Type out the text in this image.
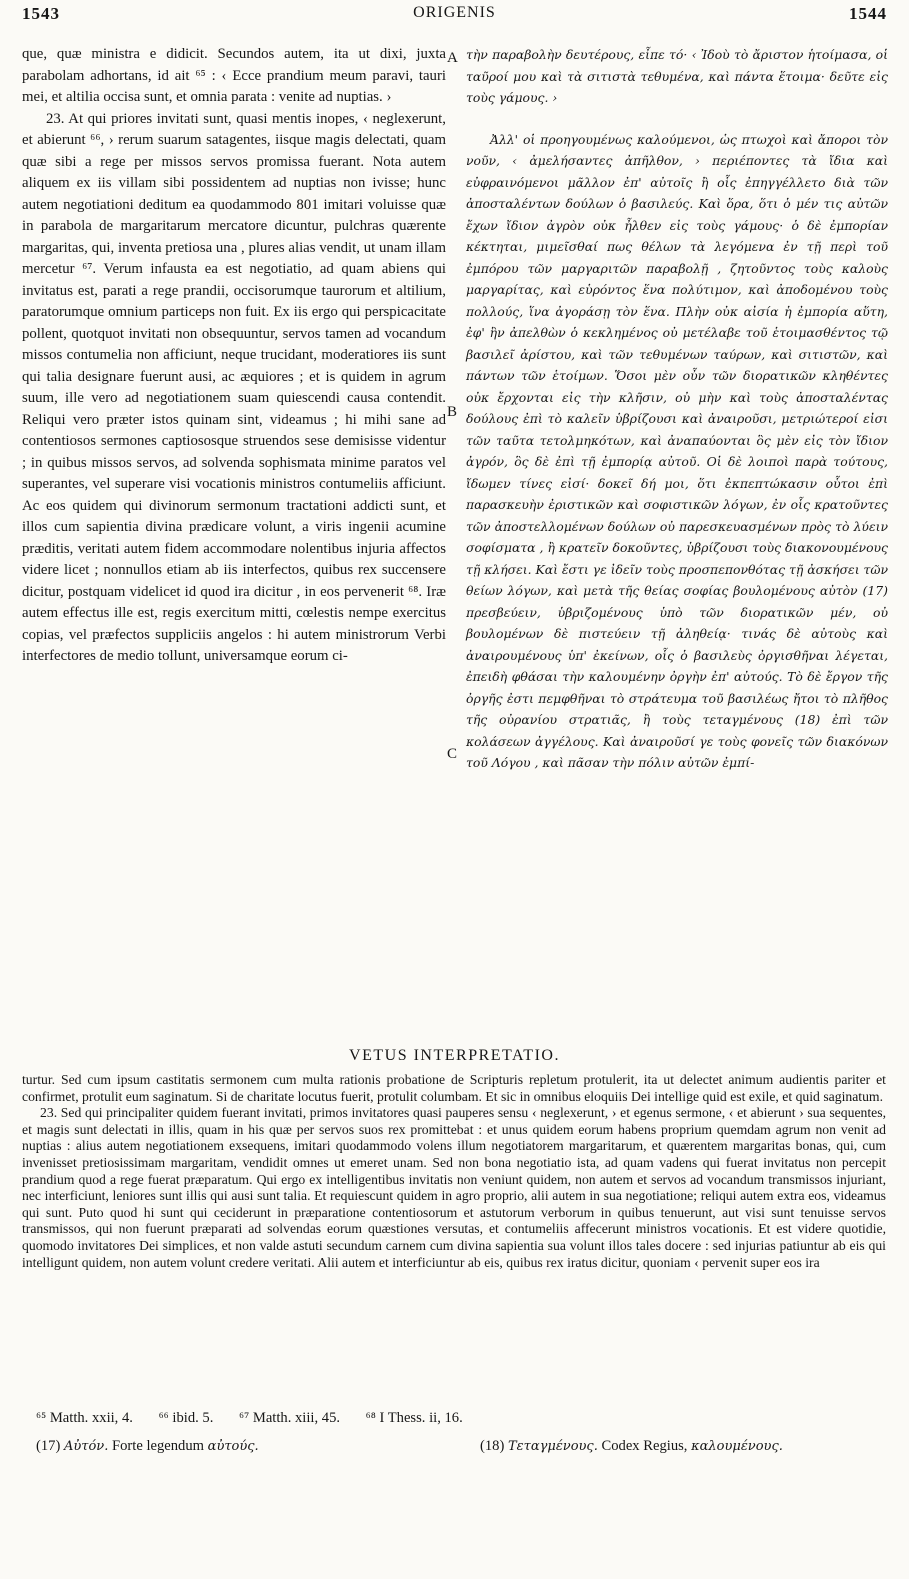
1543	ORIGENIS	1544

que, quæ ministra e didicit. Secundos autem, ita ut dixi, juxta parabolam adhortans, id ait ⁶⁵ : ‹ Ecce prandium meum paravi, tauri mei, et altilia occisa sunt, et omnia parata : venite ad nuptias. ›

23. At qui priores invitati sunt, quasi mentis inopes, ‹ neglexerunt, et abierunt ⁶⁶, › rerum suarum satagentes, iisque magis delectati, quam quæ sibi a rege per missos servos promissa fuerant. Nota autem aliquem ex iis villam sibi possidentem ad nuptias non ivisse; hunc autem negotiationi deditum ea quodammodo 801 imitari voluisse quæ in parabola de margaritarum mercatore dicuntur, pulchras quærente margaritas, qui, inventa pretiosa una , plures alias vendit, ut unam illam mercetur ⁶⁷. Verum infausta ea est negotiatio, ad quam abiens qui invitatus est, parati a rege prandii, occisorumque taurorum et altilium, paratorumque omnium particeps non fuit. Ex iis ergo qui perspicacitate pollent, quotquot invitati non obsequuntur, servos tamen ad vocandum missos contumelia non afficiunt, neque trucidant, moderatiores iis sunt qui talia designare fuerunt ausi, ac æquiores ; et is quidem in agrum suum, ille vero ad negotiationem suam quiescendi causa contendit. Reliqui vero præter istos quinam sint, videamus ; hi mihi sane ad contentiosos sermones captiososque struendos sese demisisse videntur ; in quibus missos servos, ad solvenda sophismata minime paratos vel superantes, vel superare visi vocationis ministros contumeliis afficiunt. Ac eos quidem qui divinorum sermonum tractationi addicti sunt, et illos cum sapientia divina prædicare volunt, a viris ingenii acumine præditis, veritati autem fidem accommodare nolentibus injuria affectos videre licet ; nonnullos etiam ab iis interfectos, quibus rex succensere dicitur, postquam videlicet id quod ira dicitur , in eos pervenerit ⁶⁸. Iræ autem effectus ille est, regis exercitum mitti, cœlestis nempe exercitus copias, vel præfectos suppliciis angelos : hi autem ministrorum Verbi interfectores de medio tollunt, universamque eorum ci-

A
B
C

τὴν παραβολὴν δευτέρους, εἶπε τό· ‹ Ἰδοὺ τὸ ἄριστον ἡτοίμασα, οἱ ταῦροί μου καὶ τὰ σιτιστὰ τεθυμένα, καὶ πάντα ἕτοιμα· δεῦτε εἰς τοὺς γάμους. ›

Ἀλλ' οἱ προηγουμένως καλούμενοι, ὡς πτωχοὶ καὶ ἄποροι τὸν νοῦν, ‹ ἀμελήσαντες ἀπῆλθον, › περιέποντες τὰ ἴδια καὶ εὐφραινόμενοι μᾶλλον ἐπ' αὐτοῖς ἢ οἷς ἐπηγγέλλετο διὰ τῶν ἀποσταλέντων δούλων ὁ βασιλεύς. Καὶ ὅρα, ὅτι ὁ μέν τις αὐτῶν ἔχων ἴδιον ἀγρὸν οὐκ ἦλθεν εἰς τοὺς γάμους· ὁ δὲ ἐμπορίαν κέκτηται, μιμεῖσθαί πως θέλων τὰ λεγόμενα ἐν τῇ περὶ τοῦ ἐμπόρου τῶν μαργαριτῶν παραβολῇ , ζητοῦντος τοὺς καλοὺς μαργαρίτας, καὶ εὑρόντος ἕνα πολύτιμον, καὶ ἀποδομένου τοὺς πολλούς, ἵνα ἀγοράσῃ τὸν ἕνα. Πλὴν οὐκ αἰσία ἡ ἐμπορία αὕτη, ἐφ' ἣν ἀπελθὼν ὁ κεκλημένος οὐ μετέλαβε τοῦ ἑτοιμασθέντος τῷ βασιλεῖ ἀρίστου, καὶ τῶν τεθυμένων ταύρων, καὶ σιτιστῶν, καὶ πάντων τῶν ἑτοίμων. Ὅσοι μὲν οὖν τῶν διορατικῶν κληθέντες οὐκ ἔρχονται εἰς τὴν κλῆσιν, οὐ μὴν καὶ τοὺς ἀποσταλέντας δούλους ἐπὶ τὸ καλεῖν ὑβρίζουσι καὶ ἀναιροῦσι, μετριώτεροί εἰσι τῶν ταῦτα τετολμηκότων, καὶ ἀναπαύονται ὃς μὲν εἰς τὸν ἴδιον ἀγρόν, ὃς δὲ ἐπὶ τῇ ἐμπορίᾳ αὐτοῦ. Οἱ δὲ λοιποὶ παρὰ τούτους, ἴδωμεν τίνες εἰσί· δοκεῖ δή μοι, ὅτι ἐκπεπτώκασιν οὗτοι ἐπὶ παρασκευὴν ἐριστικῶν καὶ σοφιστικῶν λόγων, ἐν οἷς κρατοῦντες τῶν ἀποστελλομένων δούλων οὐ παρεσκευασμένων πρὸς τὸ λύειν σοφίσματα , ἢ κρατεῖν δοκοῦντες, ὑβρίζουσι τοὺς διακονουμένους τῇ κλήσει. Καὶ ἔστι γε ἰδεῖν τοὺς προσπεπονθότας τῇ ἀσκήσει τῶν θείων λόγων, καὶ μετὰ τῆς θείας σοφίας βουλομένους αὐτὸν (17) πρεσβεύειν, ὑβριζομένους ὑπὸ τῶν διορατικῶν μέν, οὐ βουλομένων δὲ πιστεύειν τῇ ἀληθείᾳ· τινάς δὲ αὐτοὺς καὶ ἀναιρουμένους ὑπ' ἐκείνων, οἷς ὁ βασιλεὺς ὀργισθῆναι λέγεται, ἐπειδὴ φθάσαι τὴν καλουμένην ὀργὴν ἐπ' αὐτούς. Τὸ δὲ ἔργον τῆς ὀργῆς ἐστι πεμφθῆναι τὸ στράτευμα τοῦ βασιλέως ἤτοι τὸ πλῆθος τῆς οὐρανίου στρατιᾶς, ἢ τοὺς τεταγμένους (18) ἐπὶ τῶν κολάσεων ἀγγέλους. Καὶ ἀναιροῦσί γε τοὺς φονεῖς τῶν διακόνων τοῦ Λόγου , καὶ πᾶσαν τὴν πόλιν αὐτῶν ἐμπί-

VETUS INTERPRETATIO.

turtur. Sed cum ipsum castitatis sermonem cum multa rationis probatione de Scripturis repletum protulerit, ita ut delectet animum audientis pariter et confirmet, protulit eum saginatum. Si de charitate locutus fuerit, protulit columbam. Et sic in omnibus eloquiis Dei intellige quid est exile, et quid saginatum.

23. Sed qui principaliter quidem fuerant invitati, primos invitatores quasi pauperes sensu ‹ neglexerunt, › et egenus sermone, ‹ et abierunt › sua sequentes, et magis sunt delectati in illis, quam in his quæ per servos suos rex promittebat : et unus quidem eorum habens proprium quemdam agrum non venit ad nuptias : alius autem negotiationem exsequens, imitari quodammodo volens illum negotiatorem margaritarum, et quærentem margaritas bonas, qui, cum invenisset pretiosissimam margaritam, vendidit omnes ut emeret unam. Sed non bona negotiatio ista, ad quam vadens qui fuerat invitatus non percepit prandium quod a rege fuerat præparatum. Qui ergo ex intelligentibus invitatis non veniunt quidem, non autem et servos ad vocandum transmissos injuriant, nec interficiunt, leniores sunt illis qui ausi sunt talia. Et requiescunt quidem in agro proprio, alii autem in sua negotiatione; reliqui autem extra eos, videamus qui sunt. Puto quod hi sunt qui ceciderunt in præparatione contentiosorum et astutorum verborum in quibus tenuerunt, aut visi sunt tenuisse servos transmissos, qui non fuerunt præparati ad solvendas eorum quæstiones versutas, et contumeliis affecerunt ministros vocationis. Et est videre quotidie, quomodo invitatores Dei simplices, et non valde astuti secundum carnem cum divina sapientia sua volunt illos tales docere : sed injurias patiuntur ab eis qui intelligunt quidem, non autem volunt credere veritati. Alii autem et interficiuntur ab eis, quibus rex iratus dicitur, quoniam ‹ pervenit super eos ira

⁶⁵ Matth. xxii, 4. ⁶⁶ ibid. 5. ⁶⁷ Matth. xiii, 45. ⁶⁸ I Thess. ii, 16.
(17) Αὐτόν. Forte legendum αὐτούς.	(18) Τεταγμένους. Codex Regius, καλουμένους.
